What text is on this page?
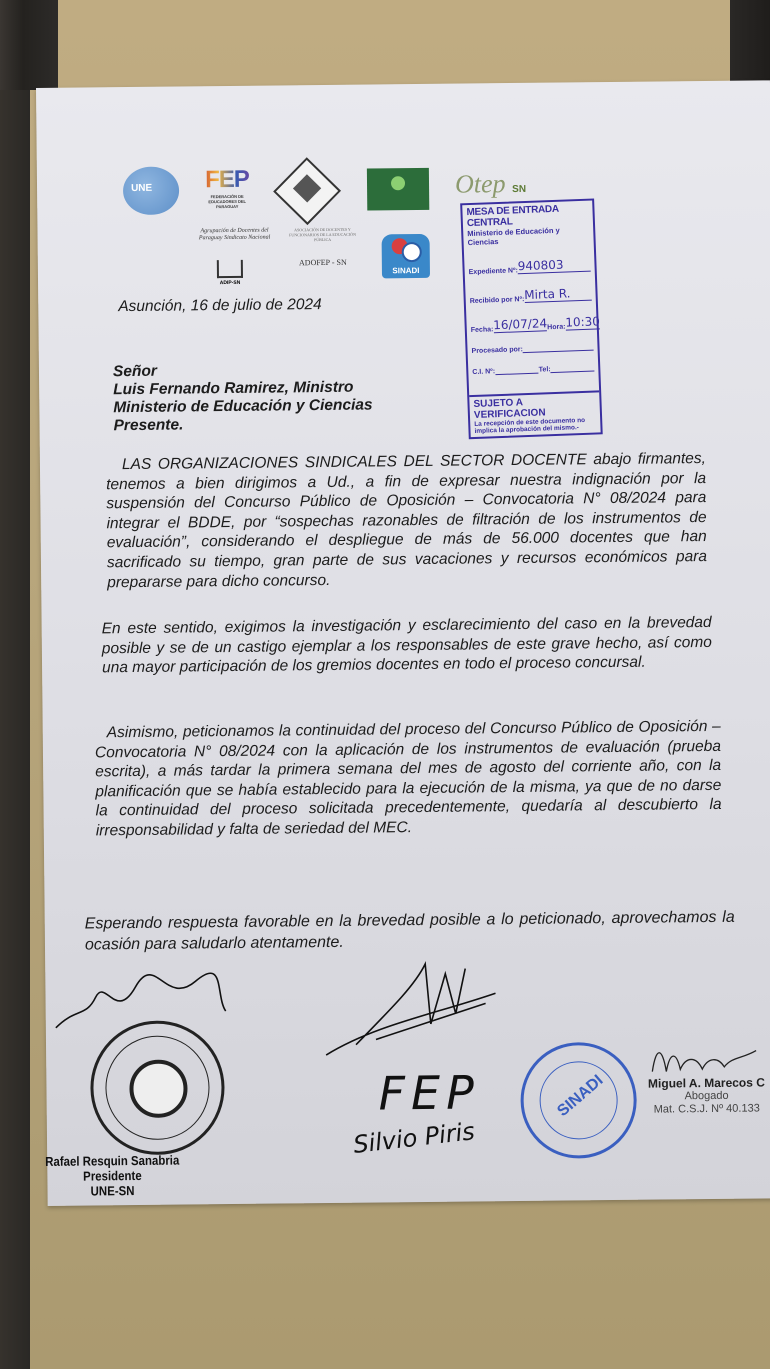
UNE FEP
FEDERACIÓN DE EDUCADORES DEL PARAGUAY
Otep SN
Agrupación de Docentes del Paraguay Sindicato Nacional
ADIP-SN
ASOCIACIÓN DE DOCENTES Y FUNCIONARIOS DE LA EDUCACIÓN PÚBLICA
ADOFEP - SN
SINADI
MESA DE ENTRADA CENTRAL
Ministerio de Educación y Ciencias
Expediente Nº: 940803
Recibido por Nº: Mirta R.
Fecha: 16/07/24 Hora: 10:30
Procesado por:
C.I. Nº:	Tel:
SUJETO A VERIFICACION
La recepción de este documento no implica la aprobación del mismo.-
Asunción, 16 de julio de 2024
Señor
Luis Fernando Ramirez, Ministro
Ministerio de Educación y Ciencias
Presente.
LAS ORGANIZACIONES SINDICALES DEL SECTOR DOCENTE abajo firmantes, tenemos a bien dirigimos a Ud., a fin de expresar nuestra indignación por la suspensión del Concurso Público de Oposición – Convocatoria N° 08/2024 para integrar el BDDE, por “sospechas razonables de filtración de los instrumentos de evaluación”, considerando el despliegue de más de 56.000 docentes que han sacrificado su tiempo, gran parte de sus vacaciones y recursos económicos para prepararse para dicho concurso.
En este sentido, exigimos la investigación y esclarecimiento del caso en la brevedad posible y se de un castigo ejemplar a los responsables de este grave hecho, así como una mayor participación de los gremios docentes en todo el proceso concursal.
Asimismo, peticionamos la continuidad del proceso del Concurso Público de Oposición – Convocatoria N° 08/2024 con la aplicación de los instrumentos de evaluación (prueba escrita), a más tardar la primera semana del mes de agosto del corriente año, con la planificación que se había establecido para la ejecución de la misma, ya que de no darse la continuidad del proceso solicitada precedentemente, quedaría al descubierto la irresponsabilidad y falta de seriedad del MEC.
Esperando respuesta favorable en la brevedad posible a lo peticionado, aprovechamos la ocasión para saludarlo atentamente.
FEP
Silvio Piris
SINADI
Rafael Resquin Sanabria
Presidente
UNE-SN
Miguel A. Marecos C
Abogado
Mat. C.S.J. Nº 40.133
